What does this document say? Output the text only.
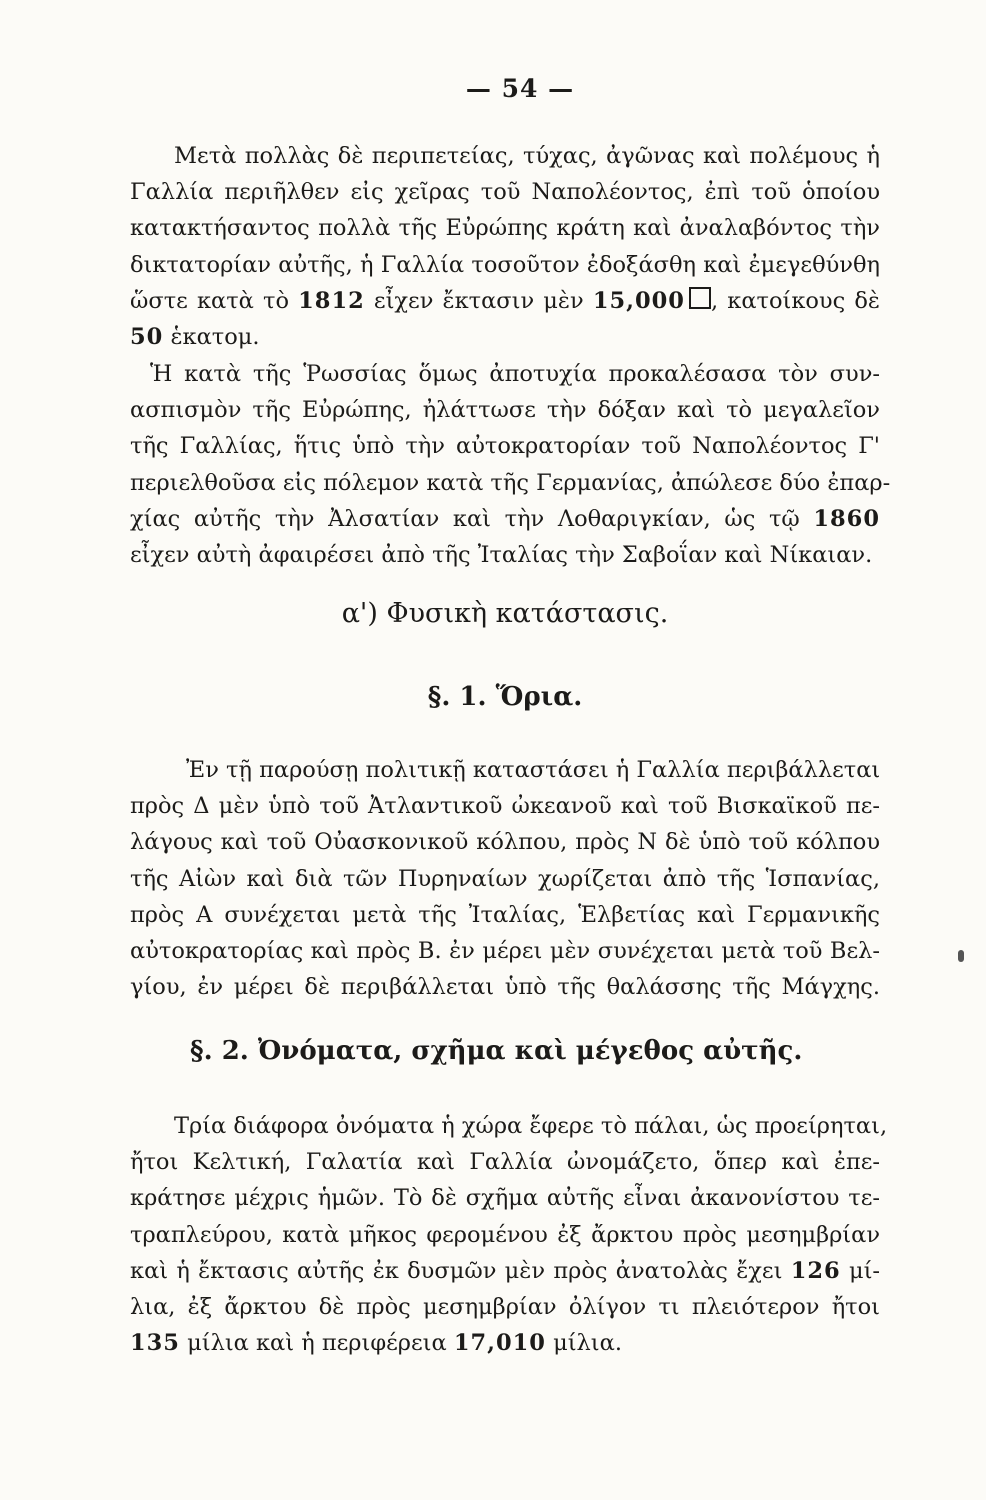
— 54 —

Μετὰ πολλὰς δὲ περιπετείας, τύχας, ἀγῶνας καὶ πολέμους ἡ
Γαλλία περιῆλθεν εἰς χεῖρας τοῦ Ναπολέοντος, ἐπὶ τοῦ ὁποίου
κατακτήσαντος πολλὰ τῆς Εὐρώπης κράτη καὶ ἀναλαβόντος τὴν
δικτατορίαν αὐτῆς, ἡ Γαλλία τοσοῦτον ἐδοξάσθη καὶ ἐμεγεθύνθη
ὥστε κατὰ τὸ 1812 εἶχεν ἔκτασιν μὲν 15,000 , κατοίκους δὲ
50 ἑκατομ.

Ἡ κατὰ τῆς Ῥωσσίας ὅμως ἀποτυχία προκαλέσασα τὸν συν-
ασπισμὸν τῆς Εὐρώπης, ἠλάττωσε τὴν δόξαν καὶ τὸ μεγαλεῖον
τῆς Γαλλίας, ἥτις ὑπὸ τὴν αὐτοκρατορίαν τοῦ Ναπολέοντος Γ'
περιελθοῦσα εἰς πόλεμον κατὰ τῆς Γερμανίας, ἀπώλεσε δύο ἐπαρ-
χίας αὐτῆς τὴν Ἀλσατίαν καὶ τὴν Λοθαριγκίαν, ὡς τῷ 1860
εἶχεν αὐτὴ ἀφαιρέσει ἀπὸ τῆς Ἰταλίας τὴν Σαβοΐαν καὶ Νίκαιαν.

α') Φυσικὴ κατάστασις.
§. 1. Ὅρια.

Ἐν τῇ παρούσῃ πολιτικῇ καταστάσει ἡ Γαλλία περιβάλλεται
πρὸς Δ μὲν ὑπὸ τοῦ Ἀτλαντικοῦ ὠκεανοῦ καὶ τοῦ Βισκαϊκοῦ πε-
λάγους καὶ τοῦ Οὐασκονικοῦ κόλπου, πρὸς Ν δὲ ὑπὸ τοῦ κόλπου
τῆς Αἰὼν καὶ διὰ τῶν Πυρηναίων χωρίζεται ἀπὸ τῆς Ἱσπανίας,
πρὸς Α συνέχεται μετὰ τῆς Ἰταλίας, Ἑλβετίας καὶ Γερμανικῆς
αὐτοκρατορίας καὶ πρὸς Β. ἐν μέρει μὲν συνέχεται μετὰ τοῦ Βελ-
γίου, ἐν μέρει δὲ περιβάλλεται ὑπὸ τῆς θαλάσσης τῆς Μάγχης.

§. 2. Ὀνόματα, σχῆμα καὶ μέγεθος αὐτῆς.

Τρία διάφορα ὀνόματα ἡ χώρα ἔφερε τὸ πάλαι, ὡς προείρηται,
ἤτοι Κελτική, Γαλατία καὶ Γαλλία ὠνομάζετο, ὅπερ καὶ ἐπε-
κράτησε μέχρις ἡμῶν. Τὸ δὲ σχῆμα αὐτῆς εἶναι ἀκανονίστου τε-
τραπλεύρου, κατὰ μῆκος φερομένου ἐξ ἄρκτου πρὸς μεσημβρίαν
καὶ ἡ ἔκτασις αὐτῆς ἐκ δυσμῶν μὲν πρὸς ἀνατολὰς ἔχει 126 μί-
λια, ἐξ ἄρκτου δὲ πρὸς μεσημβρίαν ὀλίγον τι πλειότερον ἤτοι
135 μίλια καὶ ἡ περιφέρεια 17,010 μίλια.
